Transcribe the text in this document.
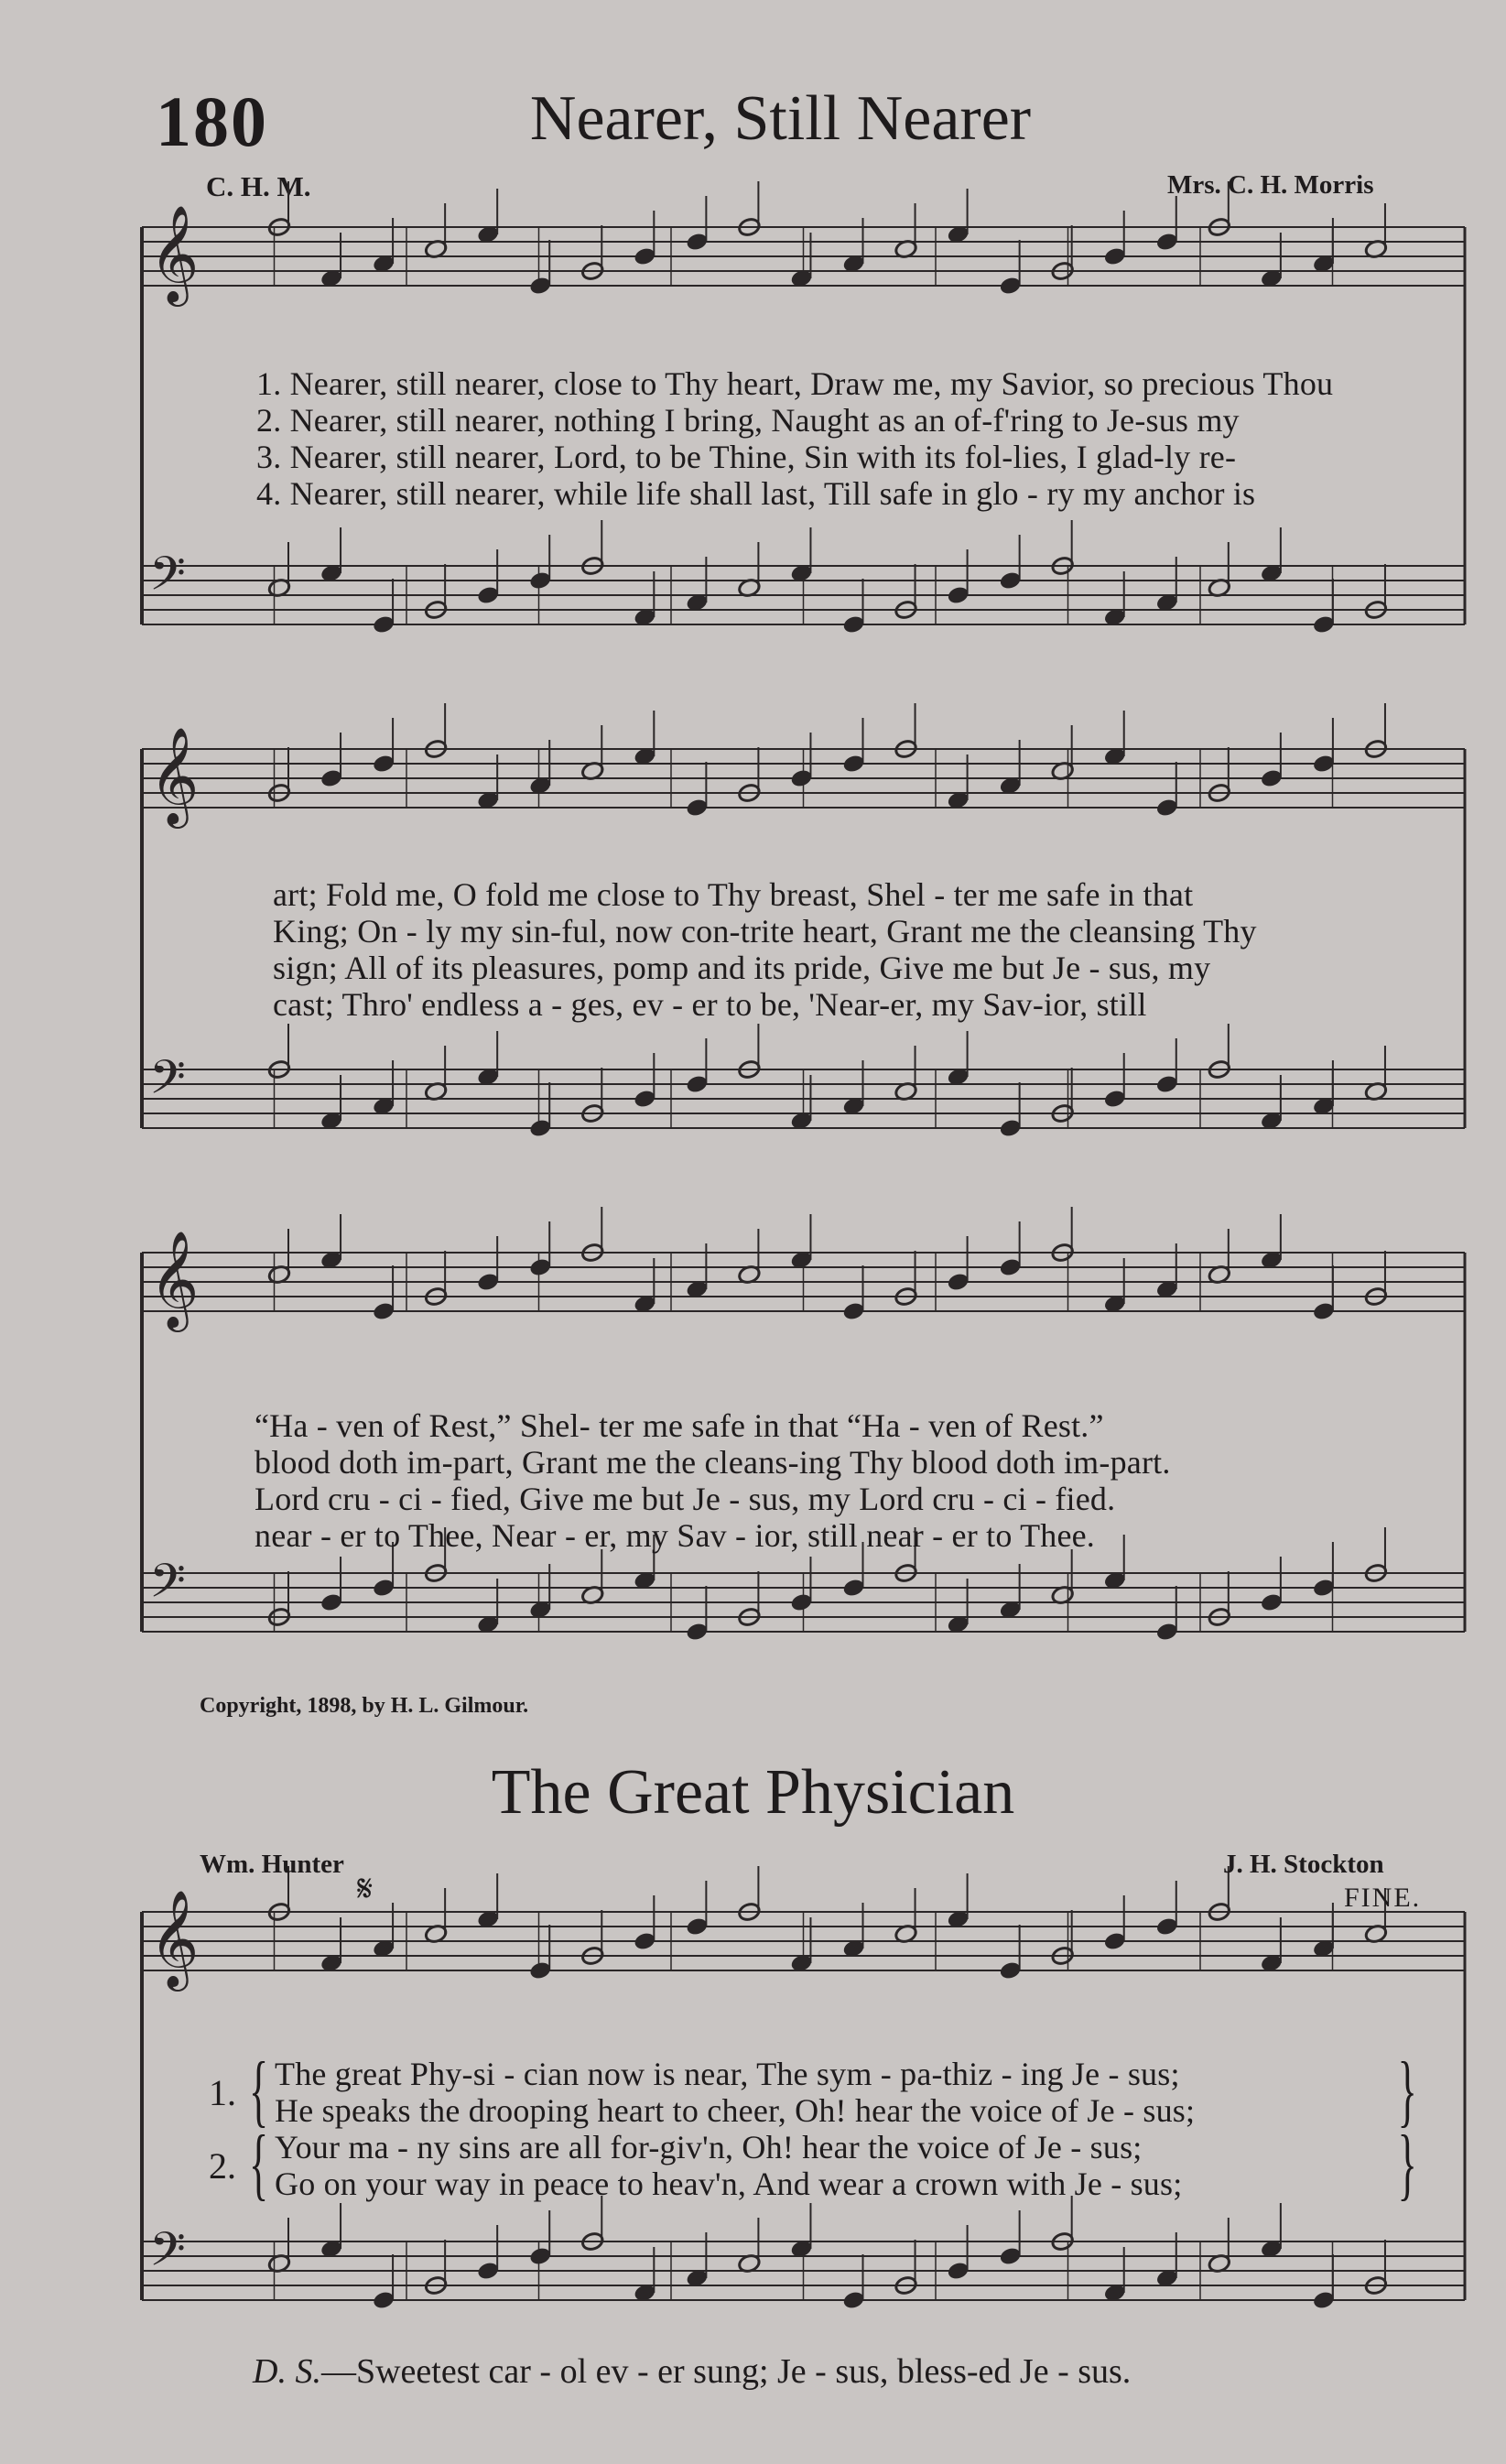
180	Nearer, Still Nearer
C. H. M.	Mrs. C. H. Morris
𝄞
𝄢
𝄞
𝄢
𝄞
𝄢
𝄞
𝄢
1. Nearer, still nearer, close to Thy heart, Draw me, my Savior, so precious Thou
2. Nearer, still nearer, nothing I bring, Naught as an of-f'ring to Je-sus my
3. Nearer, still nearer, Lord, to be Thine, Sin with its fol-lies, I glad-ly re-
4. Nearer, still nearer, while life shall last, Till safe in glo - ry my anchor is
art; Fold me, O fold me close to Thy breast, Shel - ter me safe in that
King; On - ly my sin-ful, now con-trite heart, Grant me the cleansing Thy
sign; All of its pleasures, pomp and its pride, Give me but Je - sus, my
cast; Thro' endless a - ges, ev - er to be, 'Near-er, my Sav-ior, still
“Ha - ven of Rest,” Shel- ter me safe in that “Ha - ven of Rest.”
blood doth im-part, Grant me the cleans-ing Thy blood doth im-part.
Lord cru - ci - fied, Give me but Je - sus, my Lord cru - ci - fied.
near - er to Thee, Near - er, my Sav - ior, still near - er to Thee.
Copyright, 1898, by H. L. Gilmour.
The Great Physician
Wm. Hunter	J. H. Stockton
FINE.
𝄋
1. {
2. {
The great Phy-si - cian now is near, The sym - pa-thiz - ing Je - sus;
He speaks the drooping heart to cheer, Oh! hear the voice of Je - sus;
Your ma - ny sins are all for-giv'n, Oh! hear the voice of Je - sus;
Go on your way in peace to heav'n, And wear a crown with Je - sus;
{
{
D. S.—Sweetest car - ol ev - er sung; Je - sus, bless-ed Je - sus.
